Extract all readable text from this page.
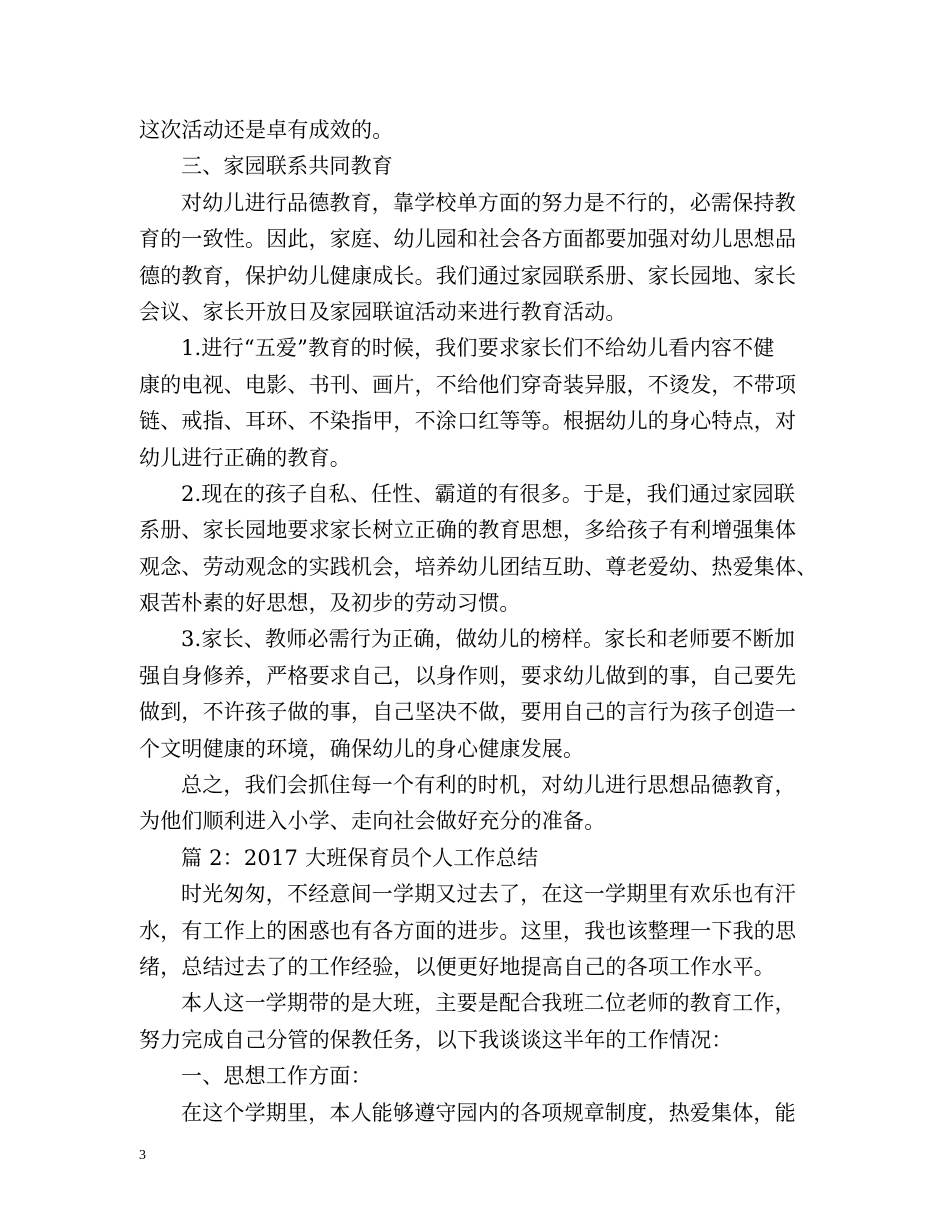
这次活动还是卓有成效的。
三、家园联系共同教育
对幼儿进行品德教育，靠学校单方面的努力是不行的，必需保持教
育的一致性。因此，家庭、幼儿园和社会各方面都要加强对幼儿思想品
德的教育，保护幼儿健康成长。我们通过家园联系册、家长园地、家长
会议、家长开放日及家园联谊活动来进行教育活动。
1.进行“五爱”教育的时候，我们要求家长们不给幼儿看内容不健
康的电视、电影、书刊、画片，不给他们穿奇装异服，不烫发，不带项
链、戒指、耳环、不染指甲，不涂口红等等。根据幼儿的身心特点，对
幼儿进行正确的教育。
2.现在的孩子自私、任性、霸道的有很多。于是，我们通过家园联
系册、家长园地要求家长树立正确的教育思想，多给孩子有利增强集体
观念、劳动观念的实践机会，培养幼儿团结互助、尊老爱幼、热爱集体、
艰苦朴素的好思想，及初步的劳动习惯。
3.家长、教师必需行为正确，做幼儿的榜样。家长和老师要不断加
强自身修养，严格要求自己，以身作则，要求幼儿做到的事，自己要先
做到，不许孩子做的事，自己坚决不做，要用自己的言行为孩子创造一
个文明健康的环境，确保幼儿的身心健康发展。
总之，我们会抓住每一个有利的时机，对幼儿进行思想品德教育，
为他们顺利进入小学、走向社会做好充分的准备。
篇 2：2017 大班保育员个人工作总结
时光匆匆，不经意间一学期又过去了，在这一学期里有欢乐也有汗
水，有工作上的困惑也有各方面的进步。这里，我也该整理一下我的思
绪，总结过去了的工作经验，以便更好地提高自己的各项工作水平。
本人这一学期带的是大班，主要是配合我班二位老师的教育工作，
努力完成自己分管的保教任务，以下我谈谈这半年的工作情况：
一、思想工作方面：
在这个学期里，本人能够遵守园内的各项规章制度，热爱集体，能
3
